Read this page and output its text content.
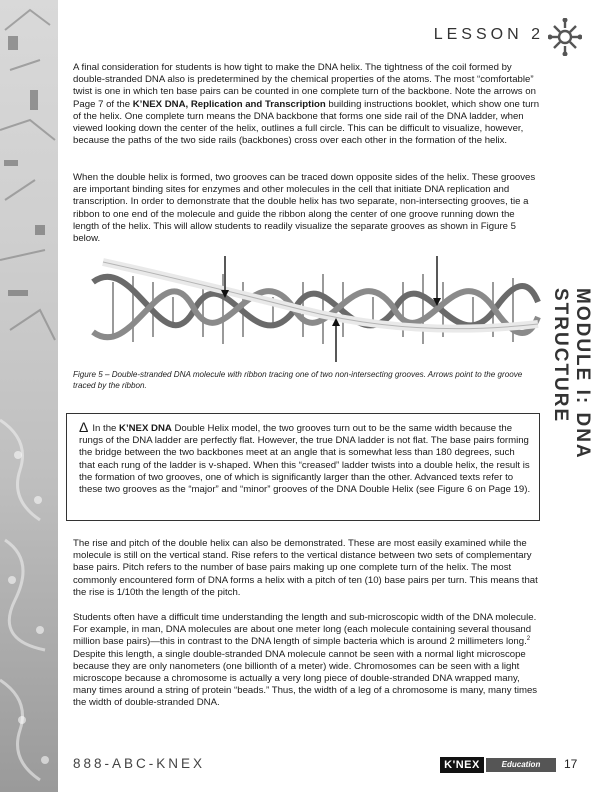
LESSON 2
MODULE I: DNA STRUCTURE

A final consideration for students is how tight to make the DNA helix. The tightness of the coil formed by double-stranded DNA also is predetermined by the chemical properties of the atoms. The most “comfortable” twist is one in which ten base pairs can be counted in one complete turn of the backbone. Note the arrows on Page 7 of the K’NEX DNA, Replication and Transcription building instructions booklet, which show one turn of the helix. One complete turn means the DNA backbone that forms one side rail of the DNA ladder, when viewed looking down the center of the helix, outlines a full circle. This can be difficult to visualize, however, because the paths of the two side rails (backbones) cross over each other in the formation of the helix.

When the double helix is formed, two grooves can be traced down opposite sides of the helix. These grooves are important binding sites for enzymes and other molecules in the cell that initiate DNA replication and transcription. In order to demonstrate that the double helix has two separate, non-intersecting grooves, tie a ribbon to one end of the molecule and guide the ribbon along the center of one groove running down the length of the helix. This will allow students to readily visualize the separate grooves as shown in Figure 5 below.

Figure 5 – Double-stranded DNA molecule with ribbon tracing one of two non-intersecting grooves. Arrows point to the groove traced by the ribbon.
Δ In the K’NEX DNA Double Helix model, the two grooves turn out to be the same width because the rungs of the DNA ladder are perfectly flat. However, the true DNA ladder is not flat. The base pairs forming the bridge between the two backbones meet at an angle that is somewhat less than 180 degrees, such that each rung of the ladder is v-shaped. When this “creased” ladder twists into a double helix, the result is the formation of two grooves, one of which is significantly larger than the other. Advanced texts refer to these two grooves as the “major” and “minor” grooves of the DNA Double Helix (see Figure 6 on Page 19).

The rise and pitch of the double helix can also be demonstrated. These are most easily examined while the molecule is still on the vertical stand. Rise refers to the vertical distance between two sets of complementary base pairs. Pitch refers to the number of base pairs making up one complete turn of the helix. The most commonly encountered form of DNA forms a helix with a pitch of ten (10) base pairs per turn. This means that the rise is 1/10th the length of the pitch.

Students often have a difficult time understanding the length and sub-microscopic width of the DNA molecule. For example, in man, DNA molecules are about one meter long (each molecule containing several thousand million base pairs)—this in contrast to the DNA length of simple bacteria which is around 2 millimeters long.$^2$ Despite this length, a single double-stranded DNA molecule cannot be seen with a normal light microscope because they are only nanometers (one billionth of a meter) wide. Chromosomes can be seen with a light microscope because a chromosome is actually a very long piece of double-stranded DNA wrapped many, many times around a string of protein “beads.” Thus, the width of a leg of a chromosome is many, many times the width of double-stranded DNA.

888-ABC-KNEX	K'NEX	Education	17
